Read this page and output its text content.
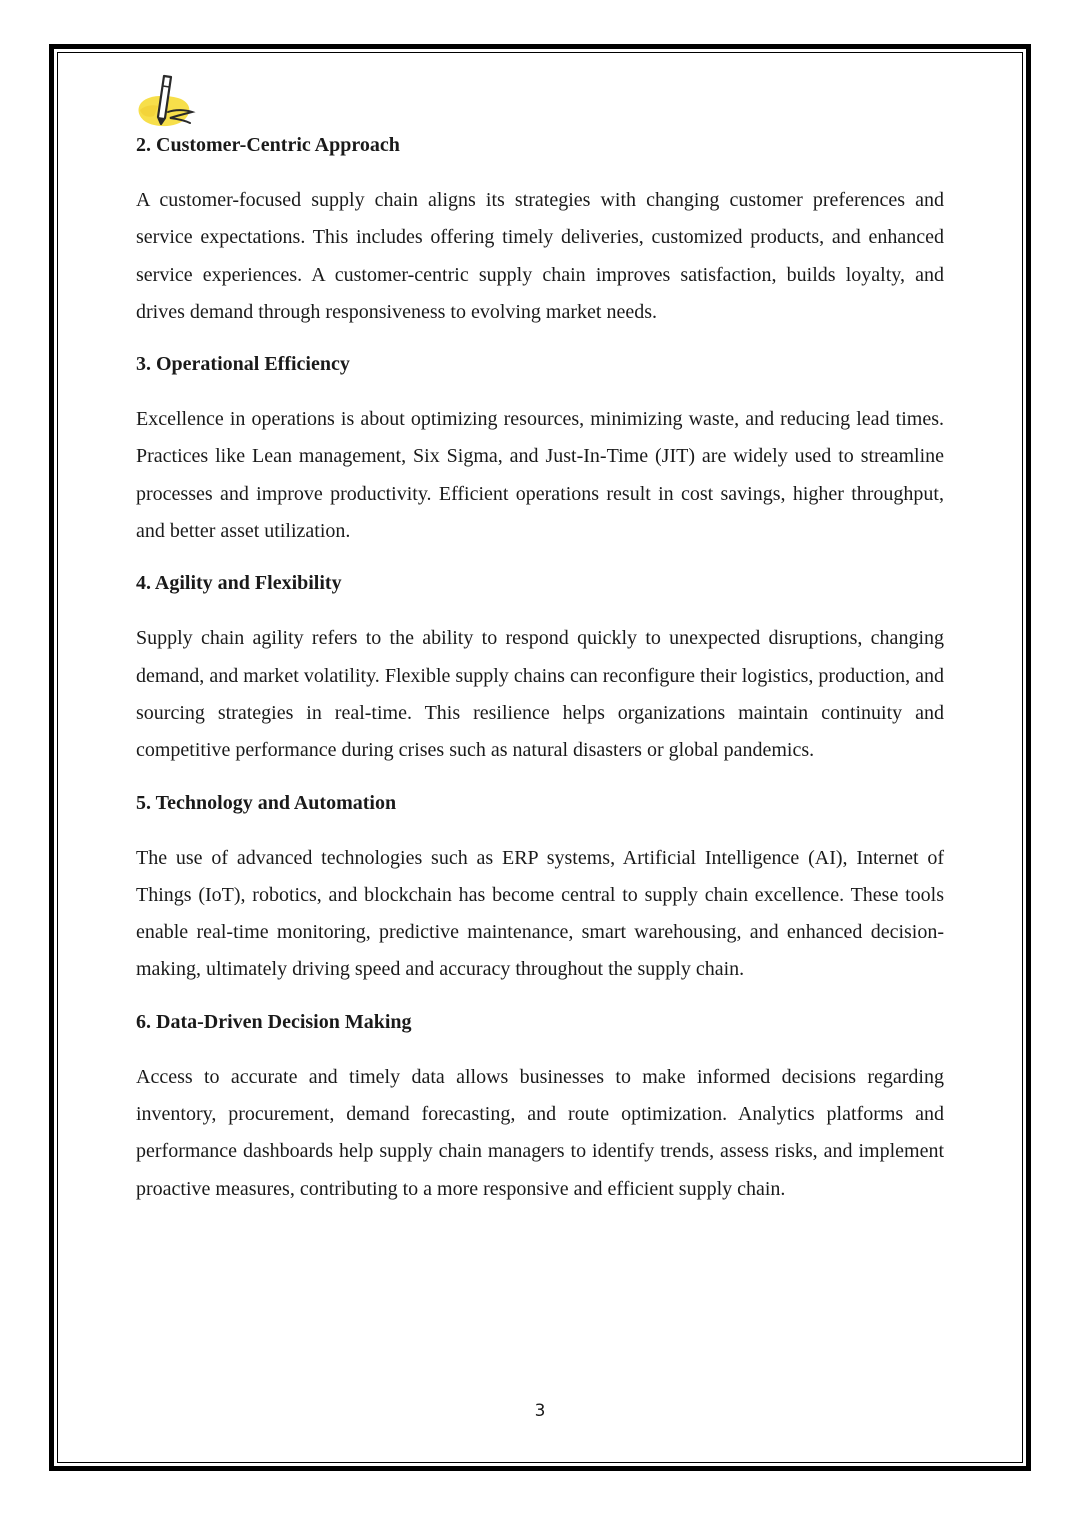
2. Customer-Centric Approach

A customer-focused supply chain aligns its strategies with changing customer preferences and service expectations. This includes offering timely deliveries, customized products, and enhanced service experiences. A customer-centric supply chain improves satisfaction, builds loyalty, and drives demand through responsiveness to evolving market needs.

3. Operational Efficiency

Excellence in operations is about optimizing resources, minimizing waste, and reducing lead times. Practices like Lean management, Six Sigma, and Just-In-Time (JIT) are widely used to streamline processes and improve productivity. Efficient operations result in cost savings, higher throughput, and better asset utilization.

4. Agility and Flexibility

Supply chain agility refers to the ability to respond quickly to unexpected disruptions, changing demand, and market volatility. Flexible supply chains can reconfigure their logistics, production, and sourcing strategies in real-time. This resilience helps organizations maintain continuity and competitive performance during crises such as natural disasters or global pandemics.

5. Technology and Automation

The use of advanced technologies such as ERP systems, Artificial Intelligence (AI), Internet of Things (IoT), robotics, and blockchain has become central to supply chain excellence. These tools enable real-time monitoring, predictive maintenance, smart warehousing, and enhanced decision-making, ultimately driving speed and accuracy throughout the supply chain.

6. Data-Driven Decision Making

Access to accurate and timely data allows businesses to make informed decisions regarding inventory, procurement, demand forecasting, and route optimization. Analytics platforms and performance dashboards help supply chain managers to identify trends, assess risks, and implement proactive measures, contributing to a more responsive and efficient supply chain.

3
